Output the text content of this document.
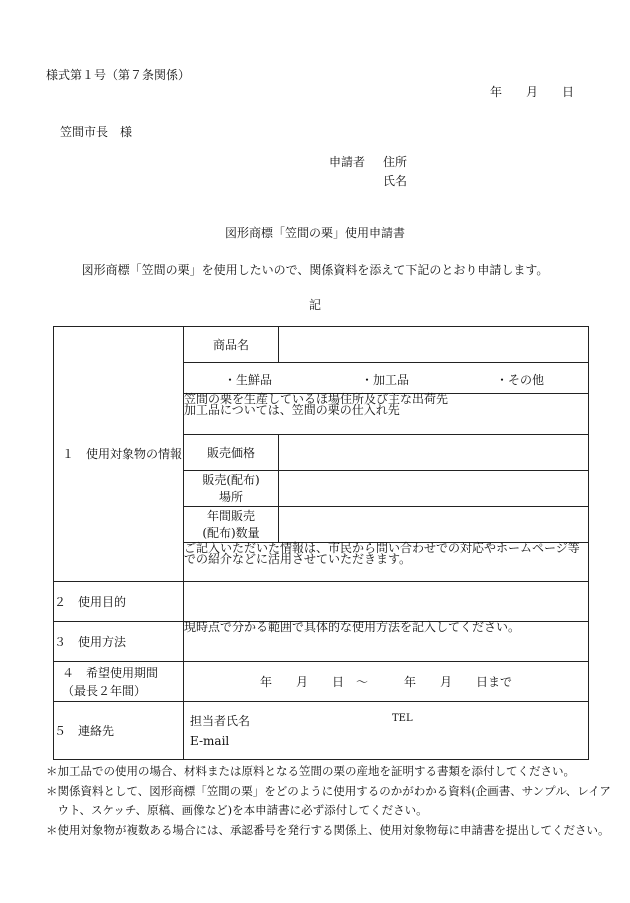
様式第１号（第７条関係）
年　　月　　日
笠間市長　様
申請者 住所
氏名
図形商標「笠間の栗」使用申請書
図形商標「笠間の栗」を使用したいので、関係資料を添えて下記のとおり申請します。
記
１　使用対象物の情報	商品名	

	・生鮮品 ・加工品 ・その他	

	笠間の栗を生産しているほ場住所及び主な出荷先
加工品については、笠間の栗の仕入れ先	

	販売価格	

	販売(配布)
場所	

	年間販売
(配布)数量	

	ご記入いただいた情報は、市民から問い合わせでの対応やホームページ等での紹介などに活用させていただきます。	

２　使用目的		
３　使用方法	現時点で分かる範囲で具体的な使用方法を記入してください。	

４　希望使用期間
（最長２年間）	年　　月　　日　〜　　　年　　月　　日まで	
５　連絡先	担当者氏名 TEL
E-mail	
＊加工品での使用の場合、材料または原料となる笠間の栗の産地を証明する書類を添付してください。
＊関係資料として、図形商標「笠間の栗」をどのように使用するのかがわかる資料(企画書、サンプル、レイア
　ウト、スケッチ、原稿、画像など)を本申請書に必ず添付してください。
＊使用対象物が複数ある場合には、承認番号を発行する関係上、使用対象物毎に申請書を提出してください。
